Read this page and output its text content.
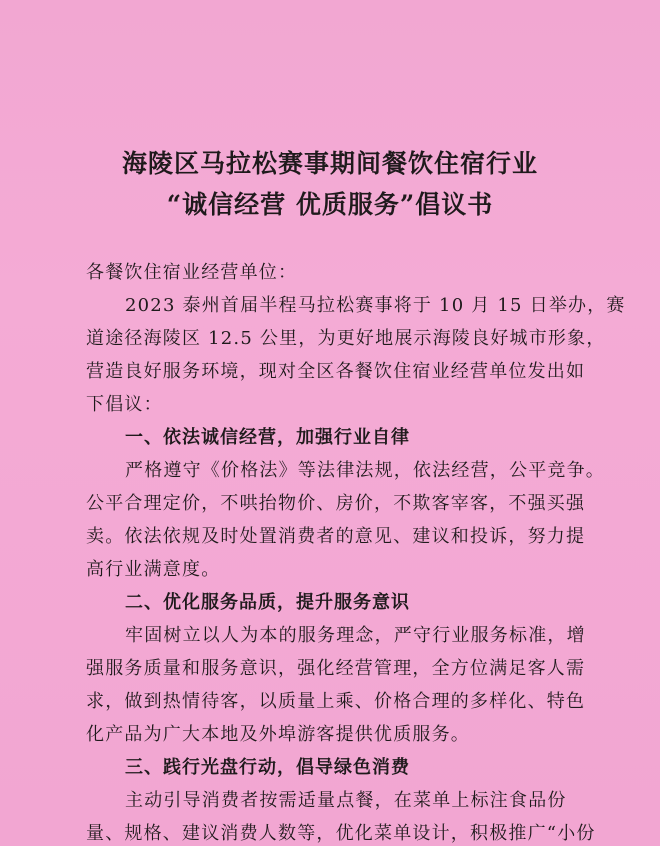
海陵区马拉松赛事期间餐饮住宿行业
“诚信经营 优质服务”倡议书
各餐饮住宿业经营单位：
2023 泰州首届半程马拉松赛事将于 10 月 15 日举办，赛
道途径海陵区 12.5 公里，为更好地展示海陵良好城市形象，
营造良好服务环境，现对全区各餐饮住宿业经营单位发出如
下倡议：
一、依法诚信经营，加强行业自律
严格遵守《价格法》等法律法规，依法经营，公平竞争。
公平合理定价，不哄抬物价、房价，不欺客宰客，不强买强
卖。依法依规及时处置消费者的意见、建议和投诉，努力提
高行业满意度。
二、优化服务品质，提升服务意识
牢固树立以人为本的服务理念，严守行业服务标准，增
强服务质量和服务意识，强化经营管理，全方位满足客人需
求，做到热情待客，以质量上乘、价格合理的多样化、特色
化产品为广大本地及外埠游客提供优质服务。
三、践行光盘行动，倡导绿色消费
主动引导消费者按需适量点餐，在菜单上标注食品份
量、规格、建议消费人数等，优化菜单设计，积极推广“小份
